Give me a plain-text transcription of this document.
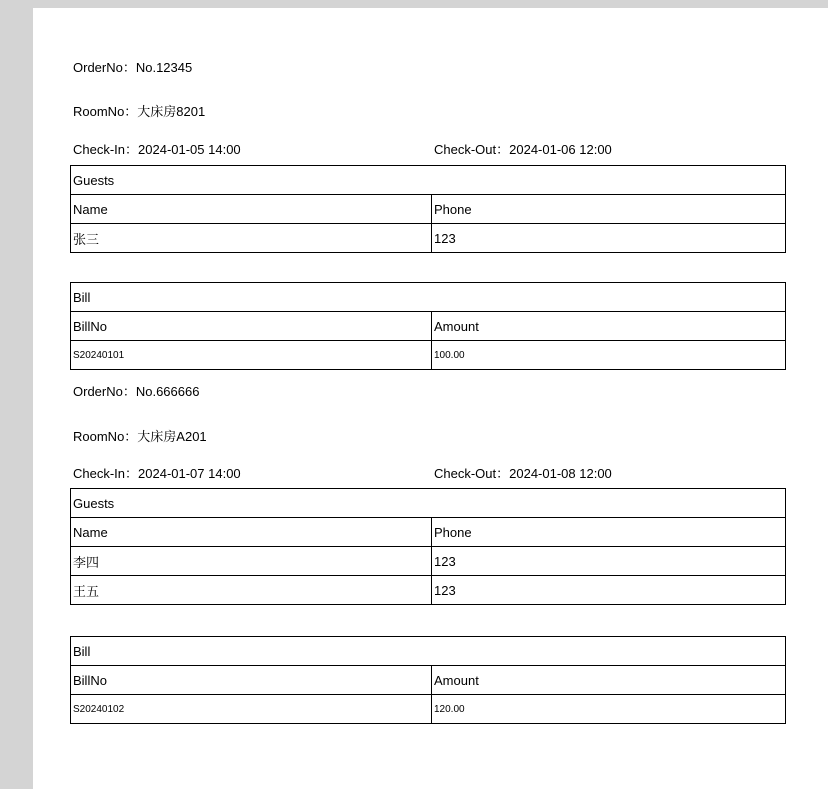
OrderNo：No.12345
RoomNo：大床房8201
Check-In：2024-01-05 14:00	Check-Out：2024-01-06 12:00
Guests	
Name	Phone
张三	123
Bill	
BillNo	Amount
S20240101	100.00
OrderNo：No.666666
RoomNo：大床房A201
Check-In：2024-01-07 14:00	Check-Out：2024-01-08 12:00
Guests	
Name	Phone
李四	123
王五	123
Bill	
BillNo	Amount
S20240102	120.00
